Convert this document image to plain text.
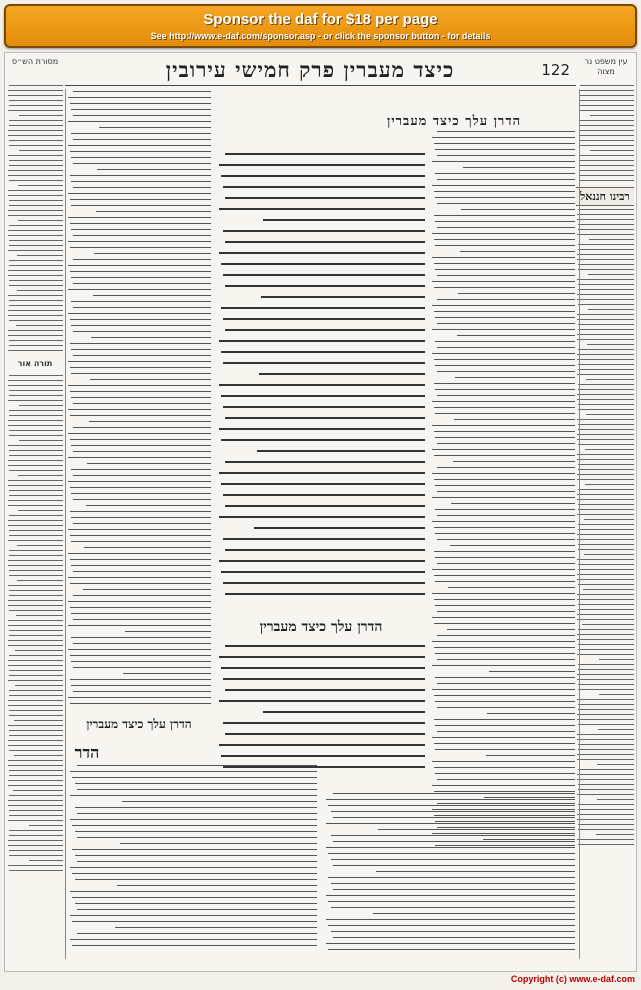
Sponsor the daf for $18 per page
See http://www.e-daf.com/sponsor.asp - or click the sponsor button - for details
122
כיצד מעברין פרק חמישי עירובין	עין משפט נר מצוה
מסורת הש״ס
רבינו חננאל
תורה אור
הדרן עלך כיצד מעברין
הדרן עלך כיצד מעברין
הדרן עלך כיצד מעברין
הדר
Copyright (c) www.e-daf.com
